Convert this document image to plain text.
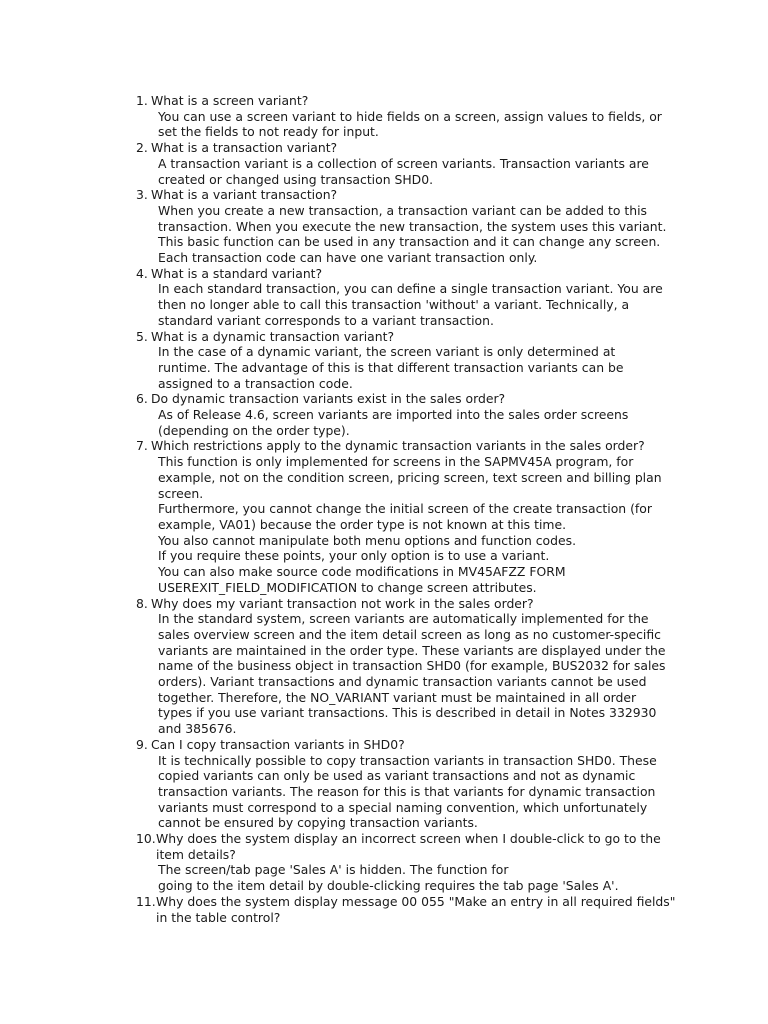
1. What is a screen variant?
You can use a screen variant to hide fields on a screen, assign values to fields, or
set the fields to not ready for input.
2. What is a transaction variant?
A transaction variant is a collection of screen variants. Transaction variants are
created or changed using transaction SHD0.
3. What is a variant transaction?
When you create a new transaction, a transaction variant can be added to this
transaction. When you execute the new transaction, the system uses this variant.
This basic function can be used in any transaction and it can change any screen.
Each transaction code can have one variant transaction only.
4. What is a standard variant?
In each standard transaction, you can define a single transaction variant. You are
then no longer able to call this transaction 'without' a variant. Technically, a
standard variant corresponds to a variant transaction.
5. What is a dynamic transaction variant?
In the case of a dynamic variant, the screen variant is only determined at
runtime. The advantage of this is that different transaction variants can be
assigned to a transaction code.
6. Do dynamic transaction variants exist in the sales order?
As of Release 4.6, screen variants are imported into the sales order screens
(depending on the order type).
7. Which restrictions apply to the dynamic transaction variants in the sales order?
This function is only implemented for screens in the SAPMV45A program, for
example, not on the condition screen, pricing screen, text screen and billing plan
screen.
Furthermore, you cannot change the initial screen of the create transaction (for
example, VA01) because the order type is not known at this time.
You also cannot manipulate both menu options and function codes.
If you require these points, your only option is to use a variant.
You can also make source code modifications in MV45AFZZ FORM
USEREXIT_FIELD_MODIFICATION to change screen attributes.
8. Why does my variant transaction not work in the sales order?
In the standard system, screen variants are automatically implemented for the
sales overview screen and the item detail screen as long as no customer-specific
variants are maintained in the order type. These variants are displayed under the
name of the business object in transaction SHD0 (for example, BUS2032 for sales
orders). Variant transactions and dynamic transaction variants cannot be used
together. Therefore, the NO_VARIANT variant must be maintained in all order
types if you use variant transactions. This is described in detail in Notes 332930
and 385676.
9. Can I copy transaction variants in SHD0?
It is technically possible to copy transaction variants in transaction SHD0. These
copied variants can only be used as variant transactions and not as dynamic
transaction variants. The reason for this is that variants for dynamic transaction
variants must correspond to a special naming convention, which unfortunately
cannot be ensured by copying transaction variants.
10. Why does the system display an incorrect screen when I double-click to go to the item details?
The screen/tab page 'Sales A' is hidden. The function for
going to the item detail by double-clicking requires the tab page 'Sales A'.
11. Why does the system display message 00 055 "Make an entry in all required fields" in the table control?
